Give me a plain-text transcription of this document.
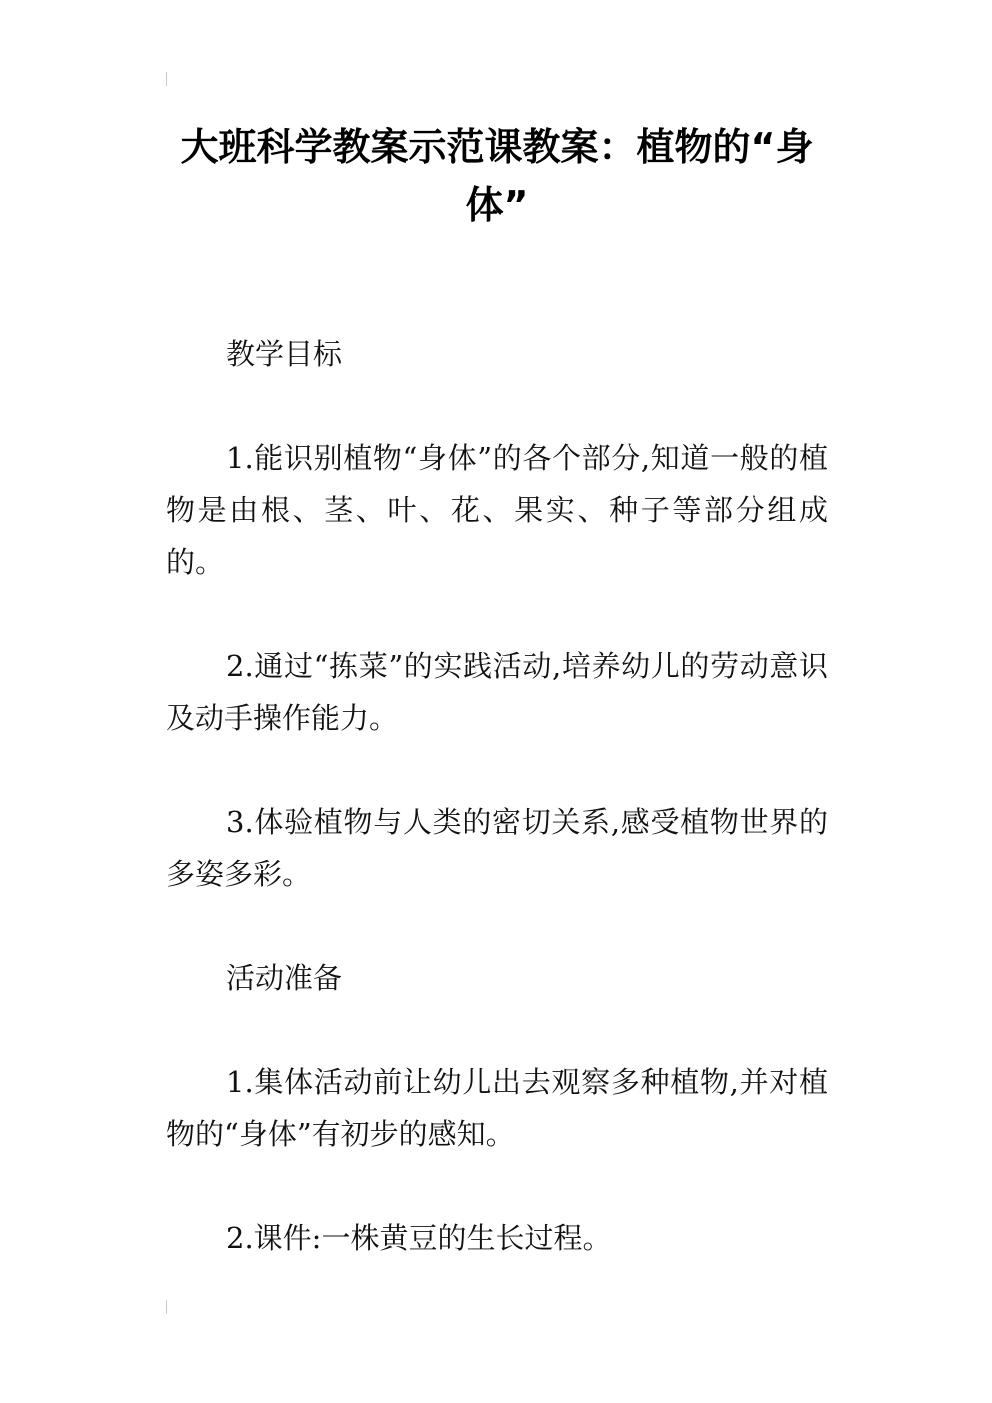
大班科学教案示范课教案：植物的“身体”
教学目标

1.能识别植物“身体”的各个部分,知道一般的植物是由根、茎、叶、花、果实、种子等部分组成的。

2.通过“拣菜”的实践活动,培养幼儿的劳动意识及动手操作能力。

3.体验植物与人类的密切关系,感受植物世界的多姿多彩。

活动准备

1.集体活动前让幼儿出去观察多种植物,并对植物的“身体”有初步的感知。

2.课件:一株黄豆的生长过程。
